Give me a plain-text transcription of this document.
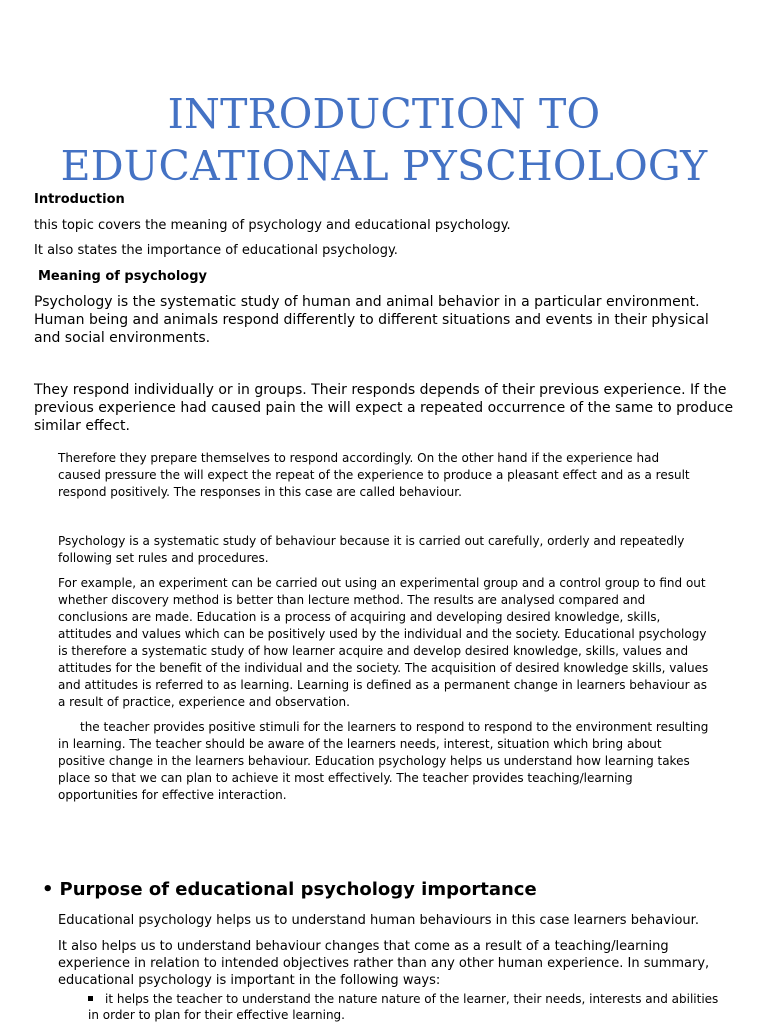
INTRODUCTION TO
EDUCATIONAL PYSCHOLOGY
Introduction
this topic covers the meaning of psychology and educational psychology.
It also states the importance of educational psychology.
Meaning of psychology
Psychology is the systematic study of human and animal behavior in a particular environment. Human being and animals respond differently to different situations and events in their physical and social environments.
They respond individually or in groups. Their responds depends of their previous experience. If the previous experience had caused pain the will expect a repeated occurrence of the same to produce similar effect.
Therefore they prepare themselves to respond accordingly. On the other hand if the experience had caused pressure the will expect the repeat of the experience to produce a pleasant effect and as a result respond positively. The responses in this case are called behaviour.
Psychology is a systematic study of behaviour because it is carried out carefully, orderly and repeatedly following set rules and procedures.
For example, an experiment can be carried out using an experimental group and a control group to find out whether discovery method is better than lecture method. The results are analysed compared and conclusions are made. Education is a process of acquiring and developing desired knowledge, skills, attitudes and values which can be positively used by the individual and the society. Educational psychology is therefore a systematic study of how learner acquire and develop desired knowledge, skills, values and attitudes for the benefit of the individual and the society. The acquisition of desired knowledge skills, values and attitudes is referred to as learning. Learning is defined as a permanent change in learners behaviour as a result of practice, experience and observation.
the teacher provides positive stimuli for the learners to respond to respond to the environment resulting in learning. The teacher should be aware of the learners needs, interest, situation which bring about positive change in the learners behaviour. Education psychology helps us understand how learning takes place so that we can plan to achieve it most effectively. The teacher provides teaching/learning opportunities for effective interaction.
• Purpose of educational psychology importance
Educational psychology helps us to understand human behaviours in this case learners behaviour.
It also helps us to understand behaviour changes that come as a result of a teaching/learning experience in relation to intended objectives rather than any other human experience. In summary, educational psychology is important in the following ways:
it helps the teacher to understand the nature nature of the learner, their needs, interests and abilities in order to plan for their effective learning.
